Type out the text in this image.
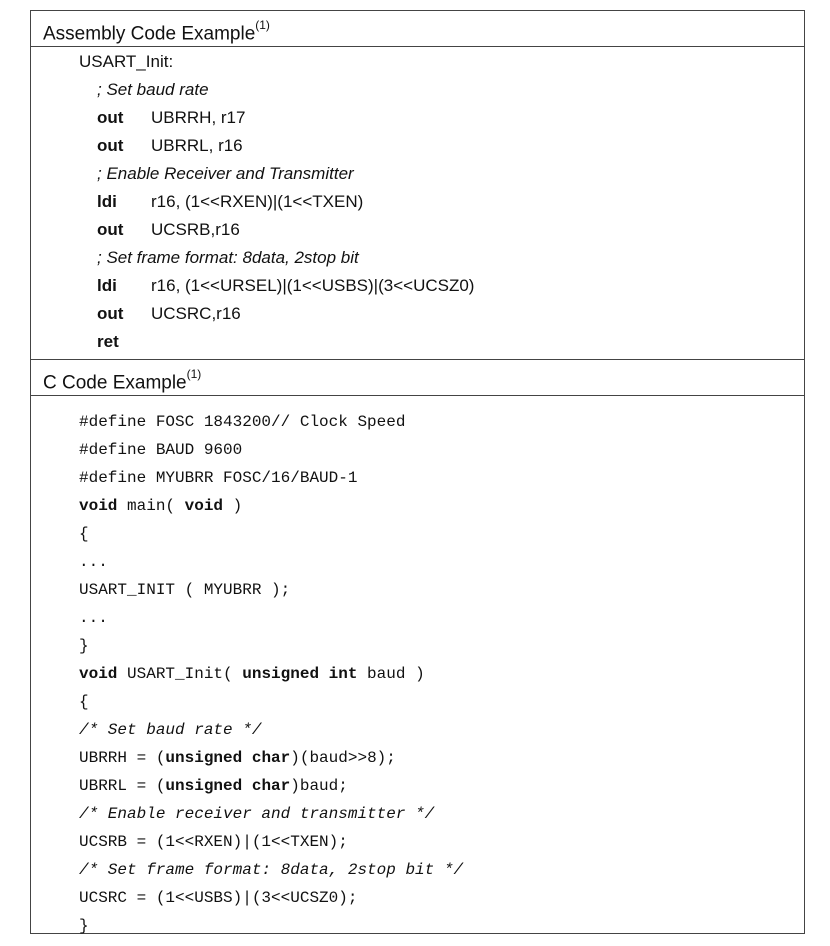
Assembly Code Example$^{(1)}$
USART_Init:
; Set baud rate
out UBRRH, r17
out UBRRL, r16
; Enable Receiver and Transmitter
ldi r16, (1<<RXEN)|(1<<TXEN)
out UCSRB,r16
; Set frame format: 8data, 2stop bit
ldi r16, (1<<URSEL)|(1<<USBS)|(3<<UCSZ0)
out UCSRC,r16
ret
C Code Example$^{(1)}$
#define FOSC 1843200// Clock Speed
#define BAUD 9600
#define MYUBRR FOSC/16/BAUD-1
void main( void )
{
...
USART_INIT ( MYUBRR );
...
}
void USART_Init( unsigned int baud )
{
/* Set baud rate */
UBRRH = (unsigned char)(baud>>8);
UBRRL = (unsigned char)baud;
/* Enable receiver and transmitter */
UCSRB = (1<<RXEN)|(1<<TXEN);
/* Set frame format: 8data, 2stop bit */
UCSRC = (1<<USBS)|(3<<UCSZ0);
}
